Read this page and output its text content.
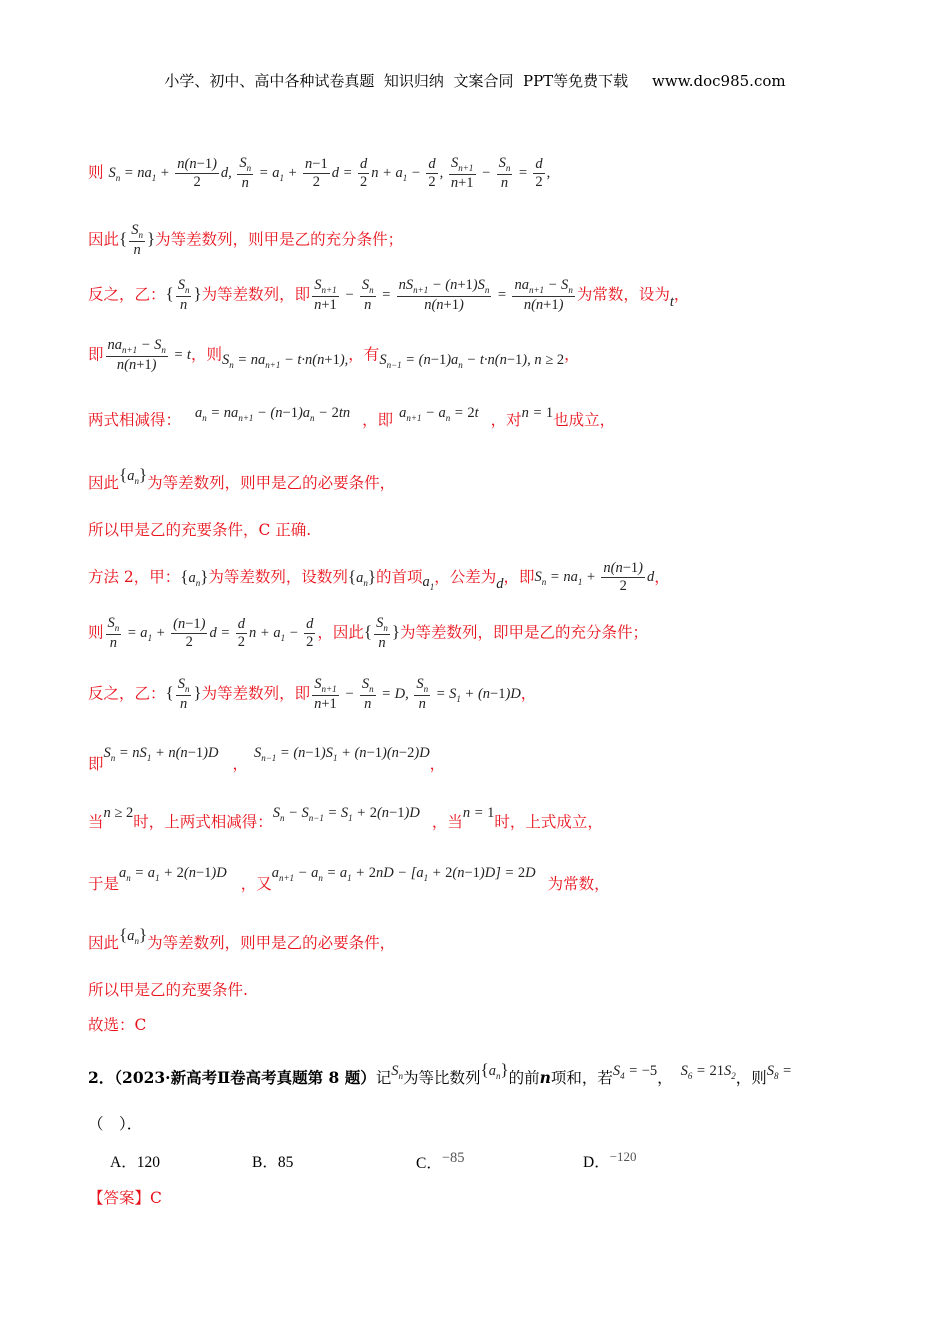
小学、初中、高中各种试卷真题  知识归纳  文案合同  PPT等免费下载     www.doc985.com
则 $S_n = na_1 + \frac{n(n-1)}{2} d$, $\frac{S_n}{n} = a_1 + \frac{n-1}{2}$ $d = \frac{d}{2}$ $n + a_1 - \frac{d}{2}$ , $\frac{S_{n+1}}{n+1} - \frac{S_n}{n} = \frac{d}{2}$ ,
因此{ $\frac{S_n}{n}$ }为等差数列，则甲是乙的充分条件；
反之，乙：{ $\frac{S_n}{n}$ }为等差数列，即 $\frac{S_{n+1}}{n+1} - \frac{S_n}{n} = \frac{nS_{n+1} - (n+1)S_n}{n(n+1)} = \frac{na_{n+1} - S_n}{n(n+1)}$ 为常数，设为t，
即 $\frac{na_{n+1} - S_n}{n(n+1)} = t$，则$S_n = na_{n+1} - t\cdot n(n+1)$,，有$S_{n-1} = (n-1)a_n - t\cdot n(n-1)$, n ≥ 2，
两式相减得： $a_n = na_{n+1} - (n-1)a_n - 2tn$ ，即 $a_{n+1} - a_n = 2t$ ，对n = 1也成立，
因此$\{a_n\}$为等差数列，则甲是乙的必要条件，
所以甲是乙的充要条件，C 正确.
方法 2，甲：$\{a_n\}$为等差数列，设数列$\{a_n\}$的首项$a_1$，公差为d，即$S_n = na_1 + \frac{n(n-1)}{2}$ d，
则 $\frac{S_n}{n} = a_1 + \frac{(n-1)}{2}$ $d = \frac{d}{2}$ $n + a_1 - \frac{d}{2}$ ，因此{ $\frac{S_n}{n}$ }为等差数列，即甲是乙的充分条件；
反之，乙：{ $\frac{S_n}{n}$ }为等差数列，即 $\frac{S_{n+1}}{n+1} - \frac{S_n}{n} = D$, $\frac{S_n}{n} = S_1 + (n-1)D$，
即$S_n = nS_1 + n(n-1)D$，$S_{n-1} = (n-1)S_1 + (n-1)(n-2)D$，
当n ≥ 2时，上两式相减得：$S_n - S_{n-1} = S_1 + 2(n-1)D$ ，当n = 1时，上式成立，
于是$a_n = a_1 + 2(n-1)D$，又$a_{n+1} - a_n = a_1 + 2nD - [a_1 + 2(n-1)D] = 2D$为常数，
因此$\{a_n\}$为等差数列，则甲是乙的必要条件，
所以甲是乙的充要条件.
故选：C
2．（2023·新高考Ⅱ卷高考真题第 8 题）记$S_n$为等比数列$\{a_n\}$的前n项和，若$S_4 = -5$， $S_6 = 21S_2$，则$S_8$ =
（　）．
A．120	B．85	C．−85	D．−120
【答案】C
